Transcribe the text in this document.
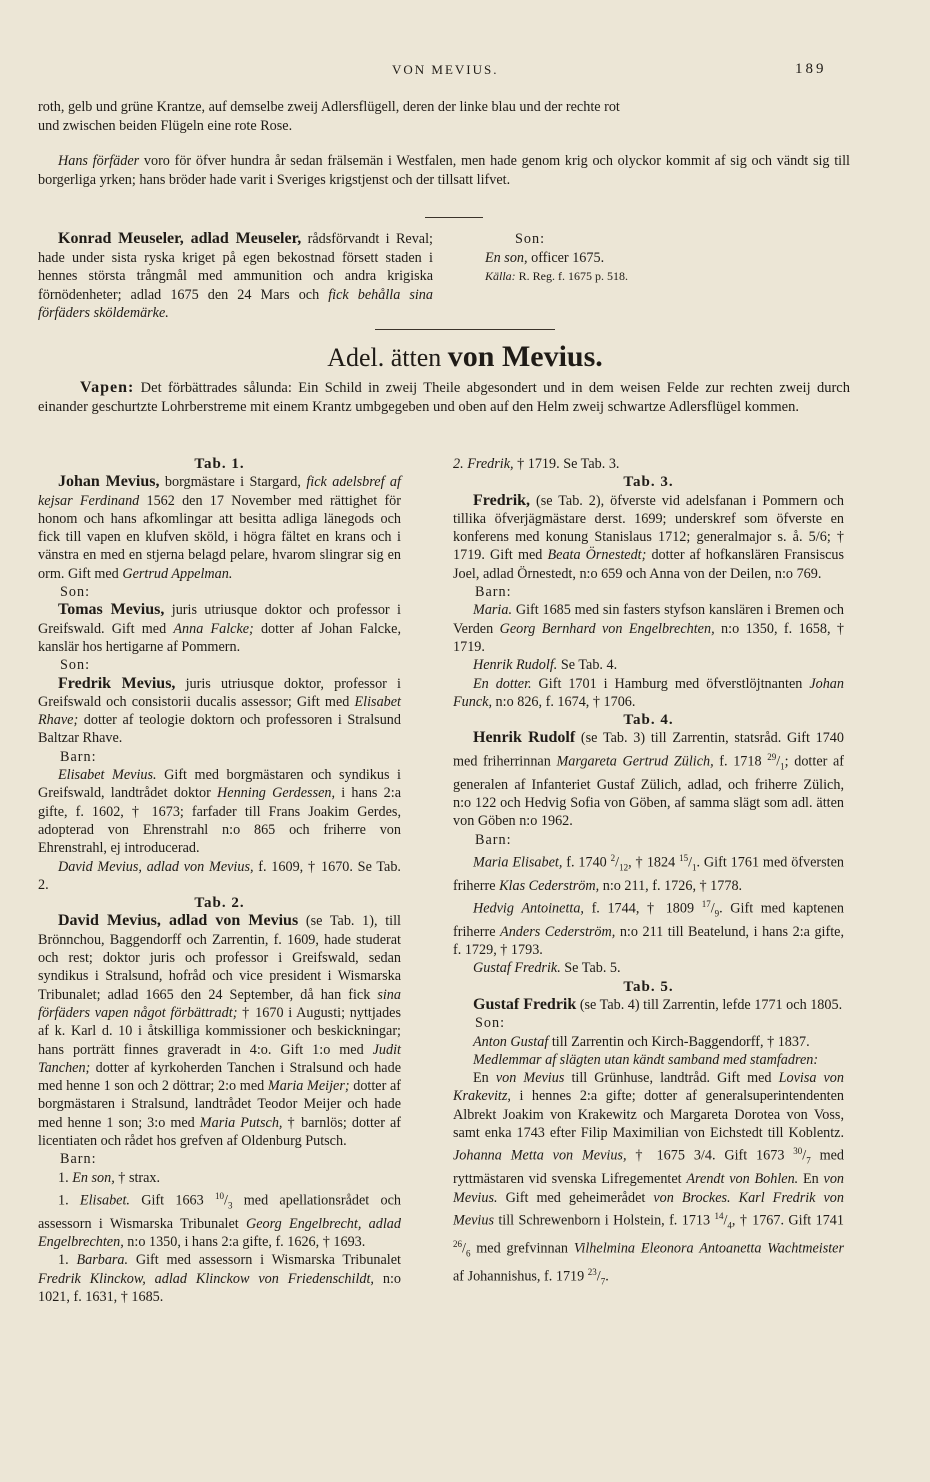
VON MEVIUS.	189

roth, gelb und grüne Krantze, auf demselbe zweij Adlersflügell, deren der linke blau und der rechte rot

und zwischen beiden Flügeln eine rote Rose.

Hans förfäder voro för öfver hundra år sedan frälsemän i Westfalen, men hade genom krig och olyckor kommit af sig och vändt sig till borgerliga yrken; hans bröder hade varit i Sveriges krigstjenst och der tillsatt lifvet.

Konrad Meuseler, adlad Meuseler, rådsförvandt i Reval; hade under sista ryska kriget på egen bekostnad försett staden i hennes största trångmål med ammunition och andra krigiska förnödenheter; adlad 1675 den 24 Mars och fick behålla sina förfäders sköldemärke.

Son:

En son, officer 1675.

Källa: R. Reg. f. 1675 p. 518.

Adel. ätten von Mevius.
Vapen: Det förbättrades sålunda: Ein Schild in zweij Theile abgesondert und in dem weisen Felde zur rechten zweij durch einander geschurtzte Lohrberstreme mit einem Krantz umbgegeben und oben auf den Helm zweij schwartze Adlersflügel kommen.

Tab. 1.

Johan Mevius, borgmästare i Stargard, fick adelsbref af kejsar Ferdinand 1562 den 17 November med rättighet för honom och hans afkomlingar att besitta adliga länegods och fick till vapen en klufven sköld, i högra fältet en krans och i vänstra en med en stjerna belagd pelare, hvarom slingrar sig en orm. Gift med Gertrud Appelman.

Son:

Tomas Mevius, juris utriusque doktor och professor i Greifswald. Gift med Anna Falcke; dotter af Johan Falcke, kanslär hos hertigarne af Pommern.

Son:

Fredrik Mevius, juris utriusque doktor, professor i Greifswald och consistorii ducalis assessor; Gift med Elisabet Rhave; dotter af teologie doktorn och professoren i Stralsund Baltzar Rhave.

Barn:

Elisabet Mevius. Gift med borgmästaren och syndikus i Greifswald, landtrådet doktor Henning Gerdessen, i hans 2:a gifte, f. 1602, † 1673; farfader till Frans Joakim Gerdes, adopterad von Ehrenstrahl n:o 865 och friherre von Ehrenstrahl, ej introducerad.

David Mevius, adlad von Mevius, f. 1609, † 1670. Se Tab. 2.

Tab. 2.

David Mevius, adlad von Mevius (se Tab. 1), till Brönnchou, Baggendorff och Zarrentin, f. 1609, hade studerat och rest; doktor juris och professor i Greifswald, sedan syndikus i Stralsund, hofråd och vice president i Wismarska Tribunalet; adlad 1665 den 24 September, då han fick sina förfäders vapen något förbättradt; † 1670 i Augusti; nyttjades af k. Karl d. 10 i åtskilliga kommissioner och beskickningar; hans porträtt finnes graveradt in 4:o. Gift 1:o med Judit Tanchen; dotter af kyrkoherden Tanchen i Stralsund och hade med henne 1 son och 2 döttrar; 2:o med Maria Meijer; dotter af borgmästaren i Stralsund, landtrådet Teodor Meijer och hade med henne 1 son; 3:o med Maria Putsch, † barnlös; dotter af licentiaten och rådet hos grefven af Oldenburg Putsch.

Barn:

1. En son, † strax.

1. Elisabet. Gift 1663 $^{10}/_3$ med apellationsrådet och assessorn i Wismarska Tribunalet Georg Engelbrecht, adlad Engelbrechten, n:o 1350, i hans 2:a gifte, f. 1626, † 1693.

1. Barbara. Gift med assessorn i Wismarska Tribunalet Fredrik Klinckow, adlad Klinckow von Friedenschildt, n:o 1021, f. 1631, † 1685.

2. Fredrik, † 1719. Se Tab. 3.

Tab. 3.

Fredrik, (se Tab. 2), öfverste vid adelsfanan i Pommern och tillika öfverjägmästare derst. 1699; underskref som öfverste en konferens med konung Stanislaus 1712; generalmajor s. å. 5/6; † 1719. Gift med Beata Örnestedt; dotter af hofkanslären Fransiscus Joel, adlad Örnestedt, n:o 659 och Anna von der Deilen, n:o 769.

Barn:

Maria. Gift 1685 med sin fasters styfson kanslären i Bremen och Verden Georg Bernhard von Engelbrechten, n:o 1350, f. 1658, † 1719.

Henrik Rudolf. Se Tab. 4.

En dotter. Gift 1701 i Hamburg med öfverstlöjtnanten Johan Funck, n:o 826, f. 1674, † 1706.

Tab. 4.

Henrik Rudolf (se Tab. 3) till Zarrentin, statsråd. Gift 1740 med friherrinnan Margareta Gertrud Zülich, f. 1718 $^{29}/_1$; dotter af generalen af Infanteriet Gustaf Zülich, adlad, och friherre Zülich, n:o 122 och Hedvig Sofia von Göben, af samma slägt som adl. ätten von Göben n:o 1962.

Barn:

Maria Elisabet, f. 1740 $^2/_{12}$, † 1824 $^{15}/_1$. Gift 1761 med öfversten friherre Klas Cederström, n:o 211, f. 1726, † 1778.

Hedvig Antoinetta, f. 1744, † 1809 $^{17}/_9$. Gift med kaptenen friherre Anders Cederström, n:o 211 till Beatelund, i hans 2:a gifte, f. 1729, † 1793.

Gustaf Fredrik. Se Tab. 5.

Tab. 5.

Gustaf Fredrik (se Tab. 4) till Zarrentin, lefde 1771 och 1805.

Son:

Anton Gustaf till Zarrentin och Kirch-Baggendorff, † 1837.

Medlemmar af slägten utan kändt samband med stamfadren:

En von Mevius till Grünhuse, landtråd. Gift med Lovisa von Krakevitz, i hennes 2:a gifte; dotter af generalsuperintendenten Albrekt Joakim von Krakewitz och Margareta Dorotea von Voss, samt enka 1743 efter Filip Maximilian von Eichstedt till Koblentz. Johanna Metta von Mevius, † 1675 3/4. Gift 1673 $^{30}/_7$ med ryttmästaren vid svenska Lifregementet Arendt von Bohlen. En von Mevius. Gift med geheimerådet von Brockes. Karl Fredrik von Mevius till Schrewenborn i Holstein, f. 1713 $^{14}/_4$, † 1767. Gift 1741 $^{26}/_6$ med grefvinnan Vilhelmina Eleonora Antoanetta Wachtmeister af Johannishus, f. 1719 $^{23}/_7$.
